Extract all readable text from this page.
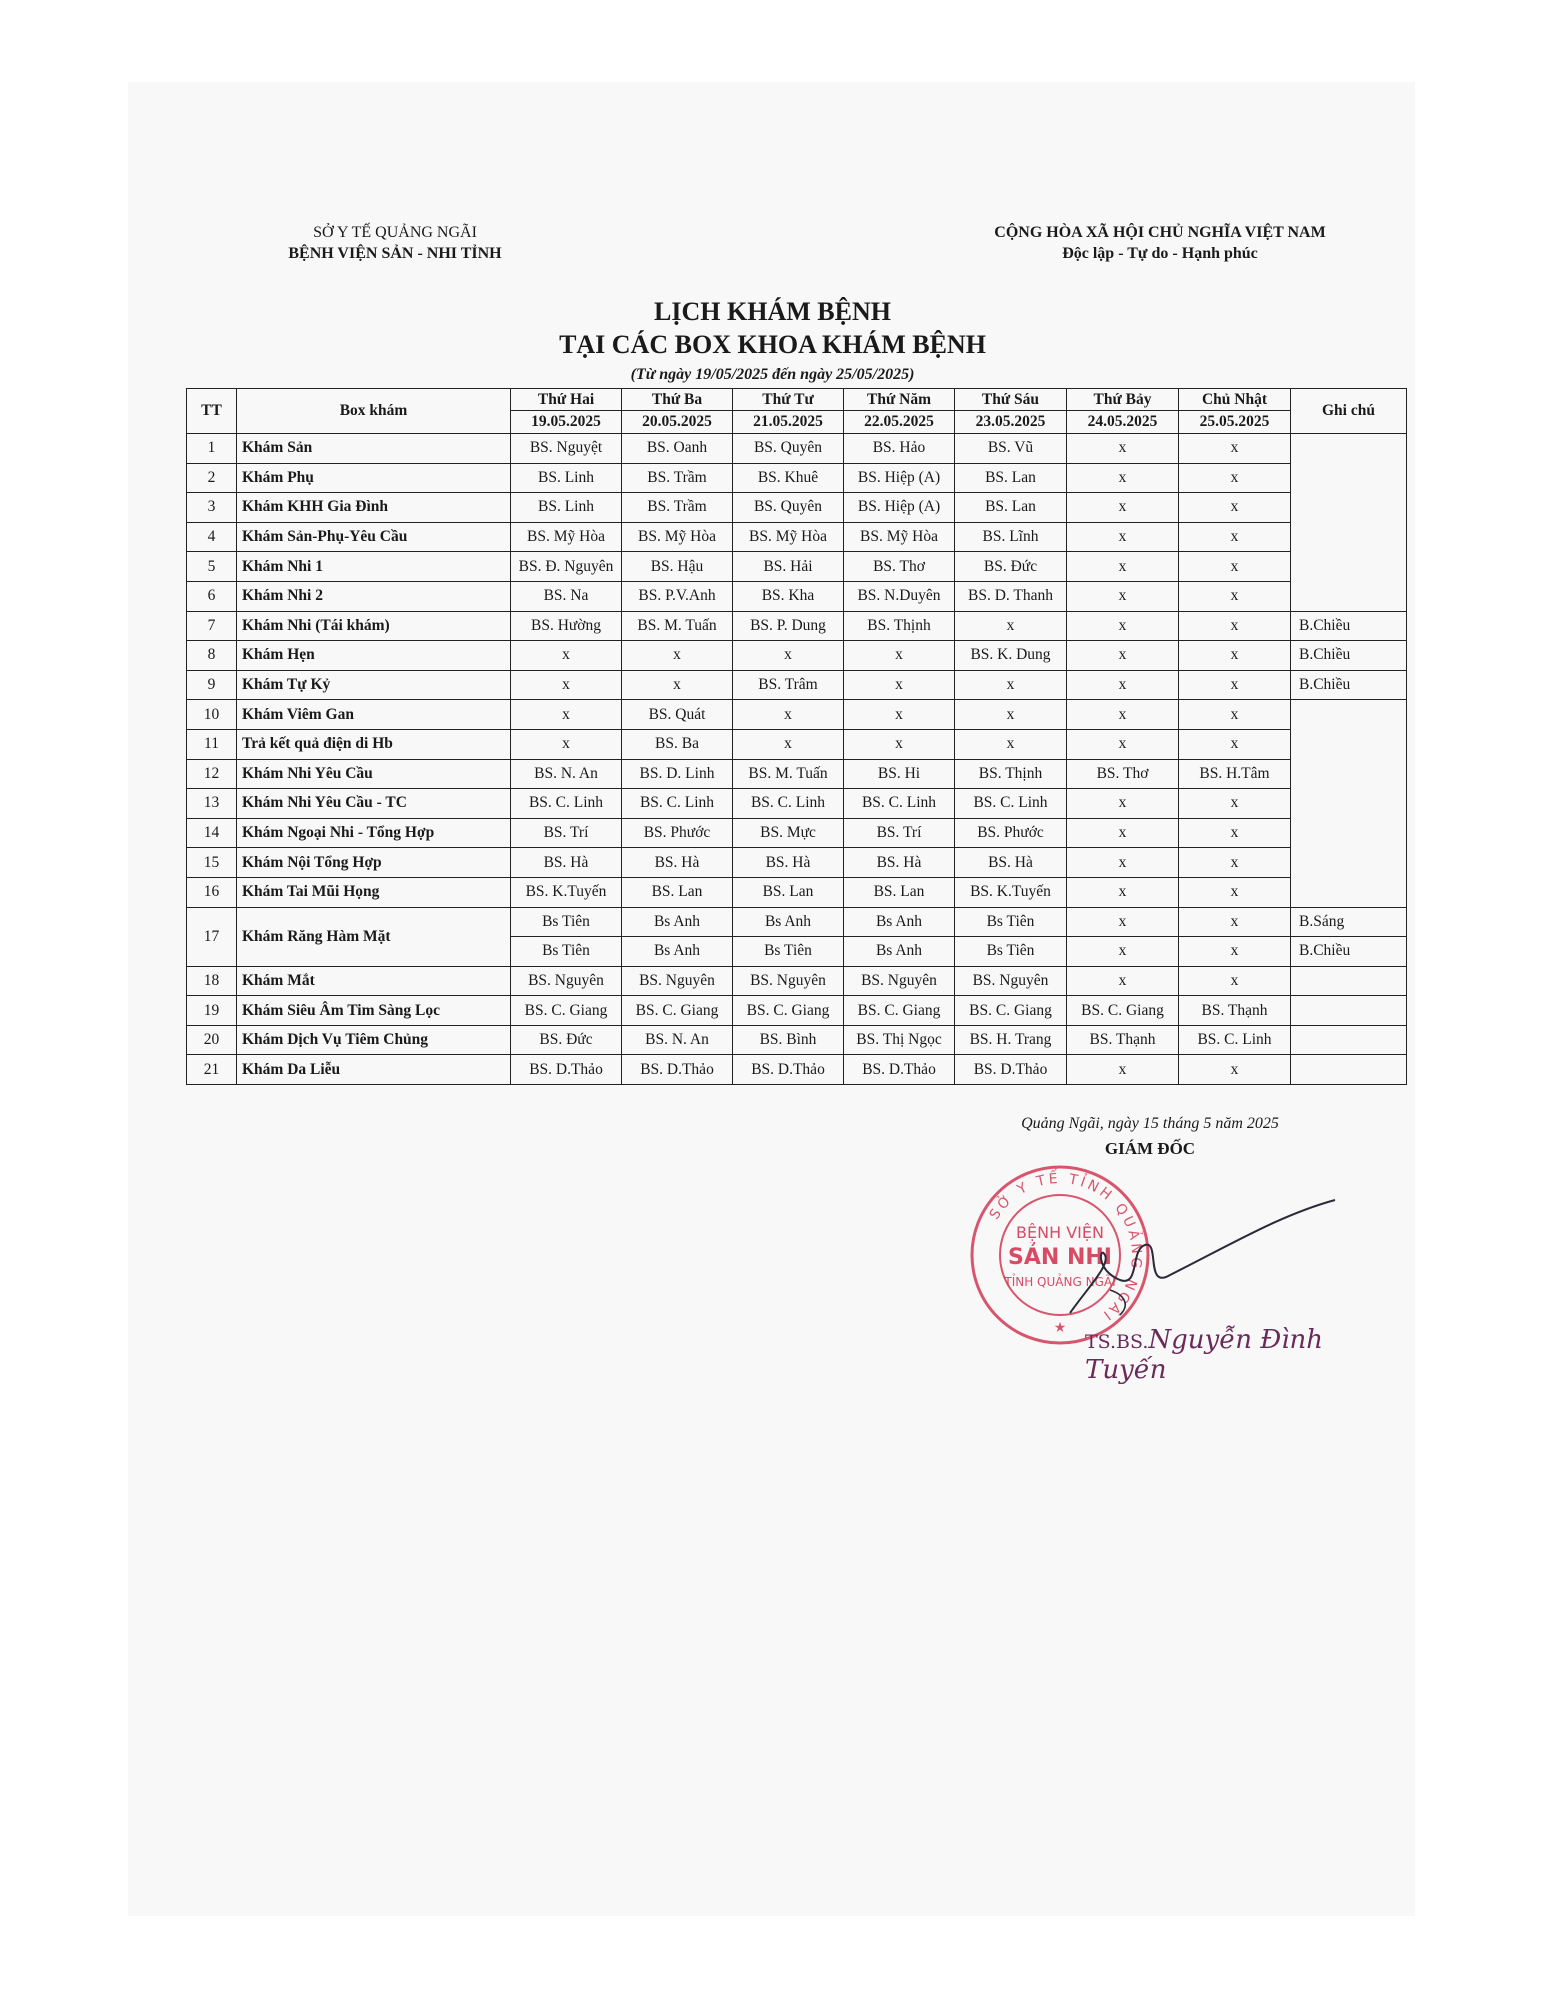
SỞ Y TẾ QUẢNG NGÃI
BỆNH VIỆN SẢN - NHI TỈNH
CỘNG HÒA XÃ HỘI CHỦ NGHĨA VIỆT NAM
Độc lập - Tự do - Hạnh phúc
LỊCH KHÁM BỆNH
TẠI CÁC BOX KHOA KHÁM BỆNH
(Từ ngày 19/05/2025 đến ngày 25/05/2025)
TT	Box khám	Thứ Hai	Thứ Ba	Thứ Tư	Thứ Năm	Thứ Sáu	Thứ Bảy	Chủ Nhật	Ghi chú
		19.05.2025	20.05.2025	21.05.2025	22.05.2025	23.05.2025	24.05.2025	25.05.2025	
1	Khám Sản	BS. Nguyệt	BS. Oanh	BS. Quyên	BS. Hảo	BS. Vũ	x	x	
2	Khám Phụ	BS. Linh	BS. Trầm	BS. Khuê	BS. Hiệp (A)	BS. Lan	x	x	
3	Khám KHH Gia Đình	BS. Linh	BS. Trầm	BS. Quyên	BS. Hiệp (A)	BS. Lan	x	x	
4	Khám Sản-Phụ-Yêu Cầu	BS. Mỹ Hòa	BS. Mỹ Hòa	BS. Mỹ Hòa	BS. Mỹ Hòa	BS. Lĩnh	x	x	
5	Khám Nhi 1	BS. Đ. Nguyên	BS. Hậu	BS. Hải	BS. Thơ	BS. Đức	x	x	
6	Khám Nhi 2	BS. Na	BS. P.V.Anh	BS. Kha	BS. N.Duyên	BS. D. Thanh	x	x	
7	Khám Nhi (Tái khám)	BS. Hường	BS. M. Tuấn	BS. P. Dung	BS. Thịnh	x	x	x	B.Chiều
8	Khám Hẹn	x	x	x	x	BS. K. Dung	x	x	B.Chiều
9	Khám Tự Kỷ	x	x	BS. Trâm	x	x	x	x	B.Chiều
10	Khám Viêm Gan	x	BS. Quát	x	x	x	x	x	
11	Trả kết quả điện di Hb	x	BS. Ba	x	x	x	x	x	
12	Khám Nhi Yêu Cầu	BS. N. An	BS. D. Linh	BS. M. Tuấn	BS. Hi	BS. Thịnh	BS. Thơ	BS. H.Tâm	
13	Khám Nhi Yêu Cầu - TC	BS. C. Linh	BS. C. Linh	BS. C. Linh	BS. C. Linh	BS. C. Linh	x	x	
14	Khám Ngoại Nhi - Tổng Hợp	BS. Trí	BS. Phước	BS. Mực	BS. Trí	BS. Phước	x	x	
15	Khám Nội Tổng Hợp	BS. Hà	BS. Hà	BS. Hà	BS. Hà	BS. Hà	x	x	
16	Khám Tai Mũi Họng	BS. K.Tuyến	BS. Lan	BS. Lan	BS. Lan	BS. K.Tuyến	x	x	
17	Khám Răng Hàm Mặt	Bs Tiên	Bs Anh	Bs Anh	Bs Anh	Bs Tiên	x	x	B.Sáng
		Bs Tiên	Bs Anh	Bs Tiên	Bs Anh	Bs Tiên	x	x	B.Chiều
18	Khám Mắt	BS. Nguyên	BS. Nguyên	BS. Nguyên	BS. Nguyên	BS. Nguyên	x	x	
19	Khám Siêu Âm Tim Sàng Lọc	BS. C. Giang	BS. C. Giang	BS. C. Giang	BS. C. Giang	BS. C. Giang	BS. C. Giang	BS. Thạnh	
20	Khám Dịch Vụ Tiêm Chủng	BS. Đức	BS. N. An	BS. Bình	BS. Thị Ngọc	BS. H. Trang	BS. Thạnh	BS. C. Linh	
21	Khám Da Liễu	BS. D.Thảo	BS. D.Thảo	BS. D.Thảo	BS. D.Thảo	BS. D.Thảo	x	x	
Quảng Ngãi, ngày 15 tháng 5 năm 2025
GIÁM ĐỐC
SỞ Y TẾ TỈNH QUẢNG NGÃI
BỆNH VIỆN
SẢN NHI
TỈNH QUẢNG NGÃI
★
TS.BS.Nguyễn Đình Tuyến
